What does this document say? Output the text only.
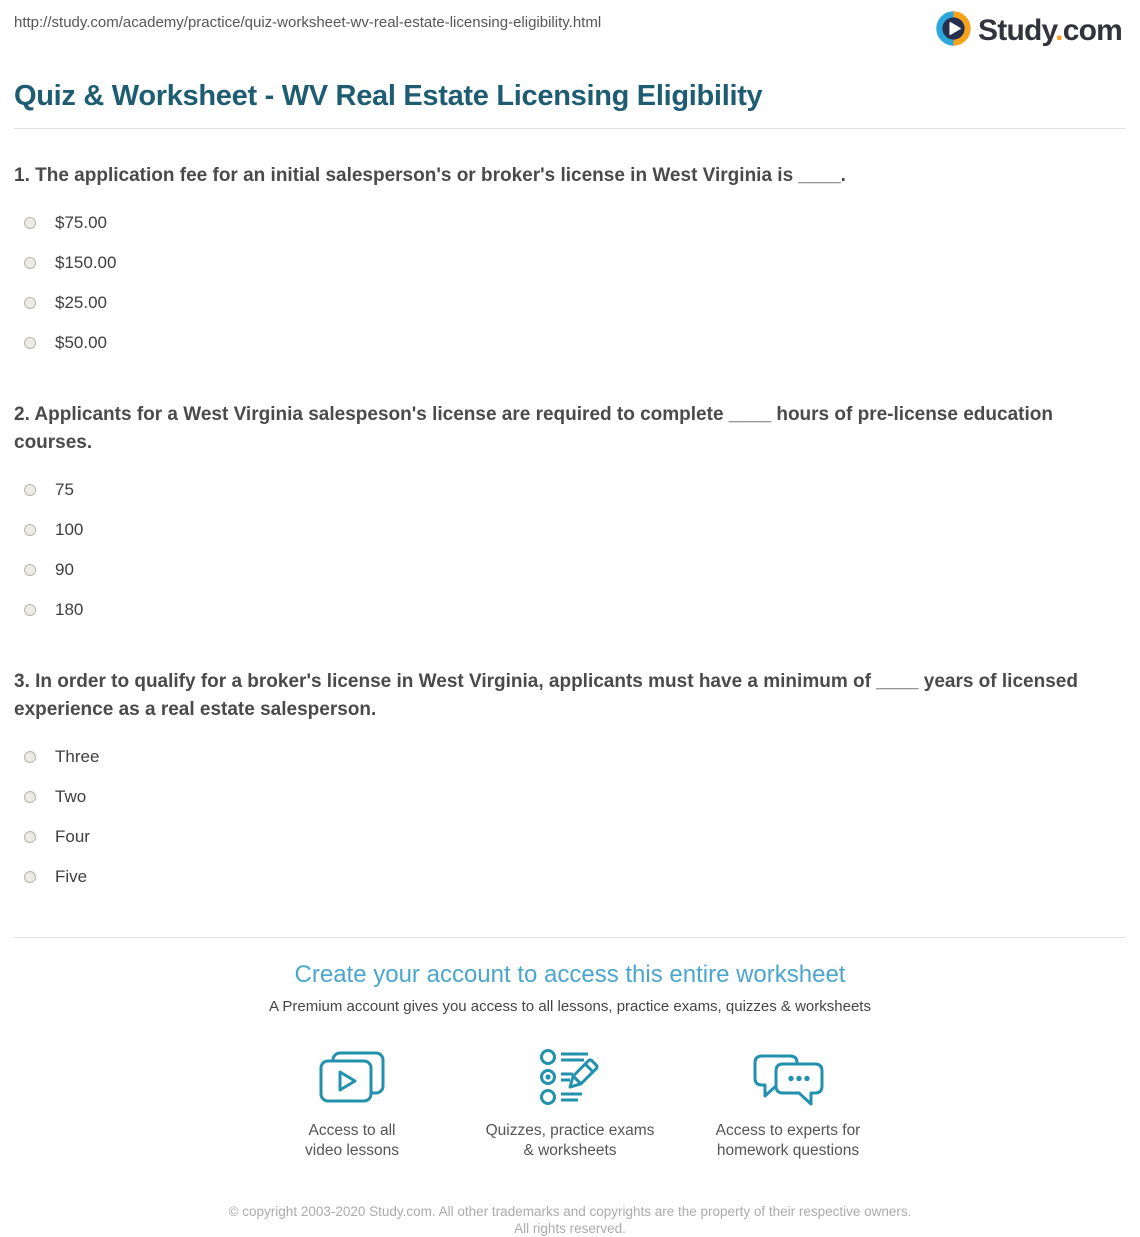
http://study.com/academy/practice/quiz-worksheet-wv-real-estate-licensing-eligibility.html	Study.com
Quiz & Worksheet - WV Real Estate Licensing Eligibility
1. The application fee for an initial salesperson's or broker's license in West Virginia is ____.
$75.00
$150.00
$25.00
$50.00
2. Applicants for a West Virginia salespeson's license are required to complete ____ hours of pre-license education courses.
75
100
90
180
3. In order to qualify for a broker's license in West Virginia, applicants must have a minimum of ____ years of licensed experience as a real estate salesperson.
Three
Two
Four
Five
Create your account to access this entire worksheet

A Premium account gives you access to all lessons, practice exams, quizzes & worksheets

Access to all
video lessons
Quizzes, practice exams
& worksheets
Access to experts for
homework questions

© copyright 2003-2020 Study.com. All other trademarks and copyrights are the property of their respective owners. All rights reserved.
